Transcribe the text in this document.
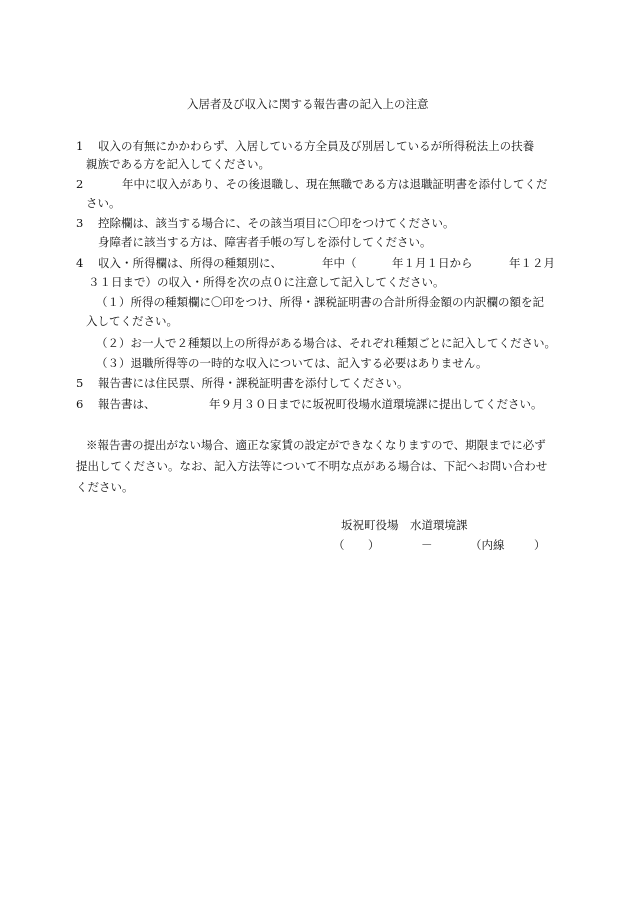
入居者及び収入に関する報告書の記入上の注意

1 収入の有無にかかわらず、入居している方全員及び別居しているが所得税法上の扶養

親族である方を記入してください。

2	年中に収入があり、その後退職し、現在無職である方は退職証明書を添付してくだ

さい。

3 控除欄は、該当する場合に、その該当項目に〇印をつけてください。

身障者に該当する方は、障害者手帳の写しを添付してください。

4 収入・所得欄は、所得の種類別に、	年中（	年１月１日から	年１２月

３１日まで）の収入・所得を次の点０に注意して記入してください。

（１）所得の種類欄に〇印をつけ、所得・課税証明書の合計所得金額の内訳欄の額を記

入してください。

（２）お一人で２種類以上の所得がある場合は、それぞれ種類ごとに記入してください。

（３）退職所得等の一時的な収入については、記入する必要はありません。

5 報告書には住民票、所得・課税証明書を添付してください。

6 報告書は、	年９月３０日までに坂祝町役場水道環境課に提出してください。

※報告書の提出がない場合、適正な家賃の設定ができなくなりますので、期限までに必ず

提出してください。なお、記入方法等について不明な点がある場合は、下記へお問い合わせ

ください。

坂祝町役場　水道環境課

（ ）	－	（内線	）
